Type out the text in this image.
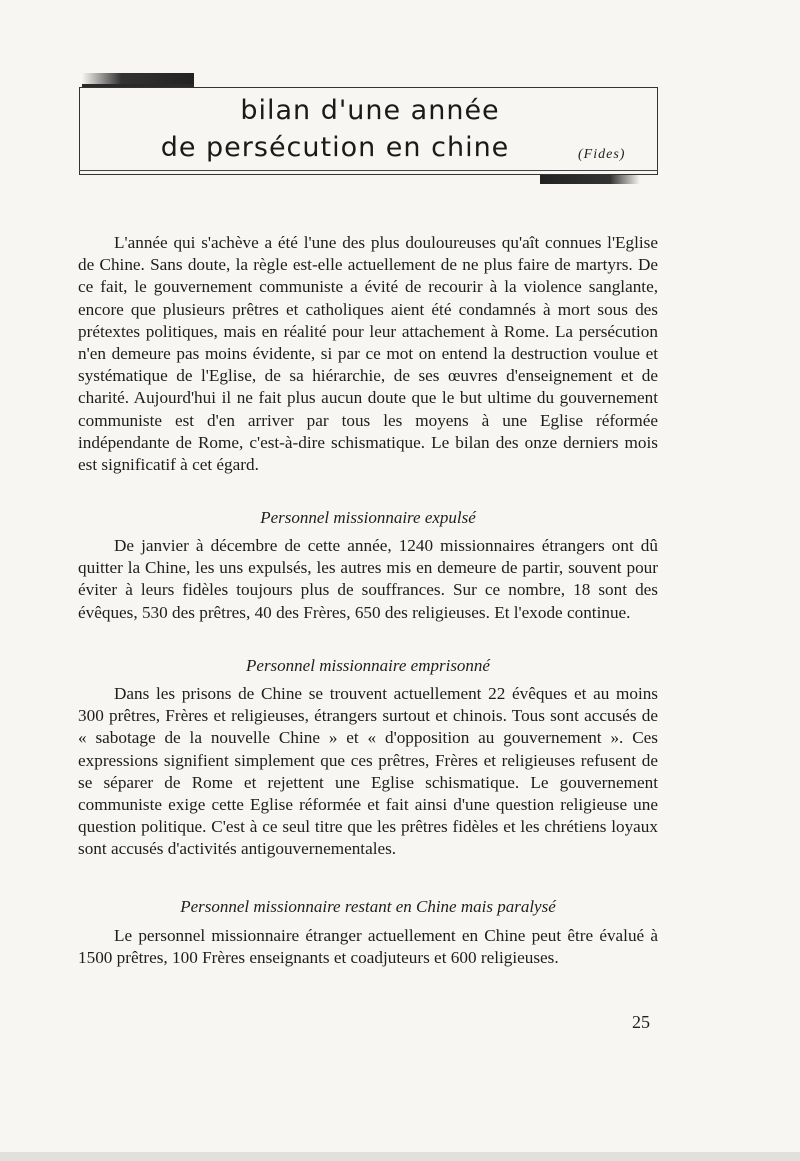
bilan d'une année
de persécution en chine	(Fides)
L'année qui s'achève a été l'une des plus douloureuses qu'aît connues l'Eglise de Chine. Sans doute, la règle est-elle actuellement de ne plus faire de martyrs. De ce fait, le gouvernement communiste a évité de recourir à la violence sanglante, encore que plusieurs prêtres et catholiques aient été condamnés à mort sous des prétextes politiques, mais en réalité pour leur attachement à Rome. La persécution n'en demeure pas moins évidente, si par ce mot on entend la destruction voulue et systématique de l'Eglise, de sa hiérarchie, de ses œuvres d'enseignement et de charité. Aujourd'hui il ne fait plus aucun doute que le but ultime du gouvernement communiste est d'en arriver par tous les moyens à une Eglise réformée indépendante de Rome, c'est-à-dire schismatique. Le bilan des onze derniers mois est significatif à cet égard.
Personnel missionnaire expulsé
De janvier à décembre de cette année, 1240 missionnaires étrangers ont dû quitter la Chine, les uns expulsés, les autres mis en demeure de partir, souvent pour éviter à leurs fidèles toujours plus de souffrances. Sur ce nombre, 18 sont des évêques, 530 des prêtres, 40 des Frères, 650 des religieuses. Et l'exode continue.
Personnel missionnaire emprisonné
Dans les prisons de Chine se trouvent actuellement 22 évêques et au moins 300 prêtres, Frères et religieuses, étrangers surtout et chinois. Tous sont accusés de « sabotage de la nouvelle Chine » et « d'opposition au gouvernement ». Ces expressions signifient simplement que ces prêtres, Frères et religieuses refusent de se séparer de Rome et rejettent une Eglise schismatique. Le gouvernement communiste exige cette Eglise réformée et fait ainsi d'une question religieuse une question politique. C'est à ce seul titre que les prêtres fidèles et les chrétiens loyaux sont accusés d'activités antigouvernementales.
Personnel missionnaire restant en Chine mais paralysé
Le personnel missionnaire étranger actuellement en Chine peut être évalué à 1500 prêtres, 100 Frères enseignants et coadjuteurs et 600 religieuses.
25
